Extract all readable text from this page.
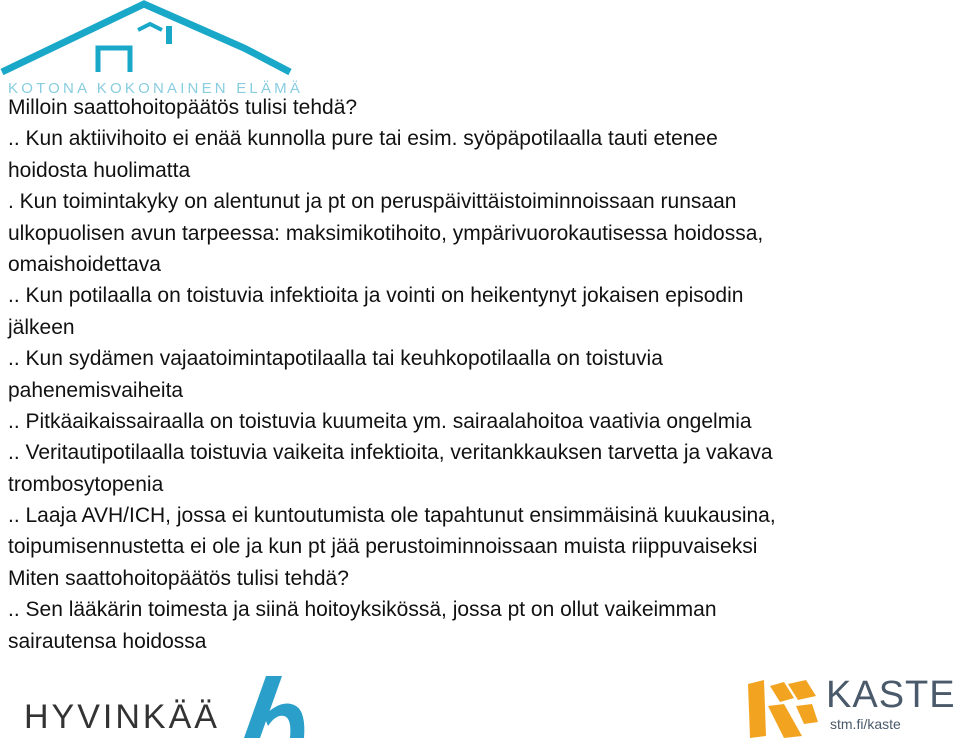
KOTONA KOKONAINEN ELÄMÄ
Milloin saattohoitopäätös tulisi tehdä?
.. Kun aktiivihoito ei enää kunnolla pure tai esim. syöpäpotilaalla tauti etenee
hoidosta huolimatta
. Kun toimintakyky on alentunut ja pt on peruspäivittäistoiminnoissaan runsaan
ulkopuolisen avun tarpeessa: maksimikotihoito, ympärivuorokautisessa hoidossa,
omaishoidettava
.. Kun potilaalla on toistuvia infektioita ja vointi on heikentynyt jokaisen episodin
jälkeen
.. Kun sydämen vajaatoimintapotilaalla tai keuhkopotilaalla on toistuvia
pahenemisvaiheita
.. Pitkäaikaissairaalla on toistuvia kuumeita ym. sairaalahoitoa vaativia ongelmia
.. Veritautipotilaalla toistuvia vaikeita infektioita, veritankkauksen tarvetta ja vakava
trombosytopenia
.. Laaja AVH/ICH, jossa ei kuntoutumista ole tapahtunut ensimmäisinä kuukausina,
toipumisennustetta ei ole ja kun pt jää perustoiminnoissaan muista riippuvaiseksi
Miten saattohoitopäätös tulisi tehdä?
.. Sen lääkärin toimesta ja siinä hoitoyksikössä, jossa pt on ollut vaikeimman
sairautensa hoidossa
HYVINKÄÄ
KASTE
stm.fi/kaste
